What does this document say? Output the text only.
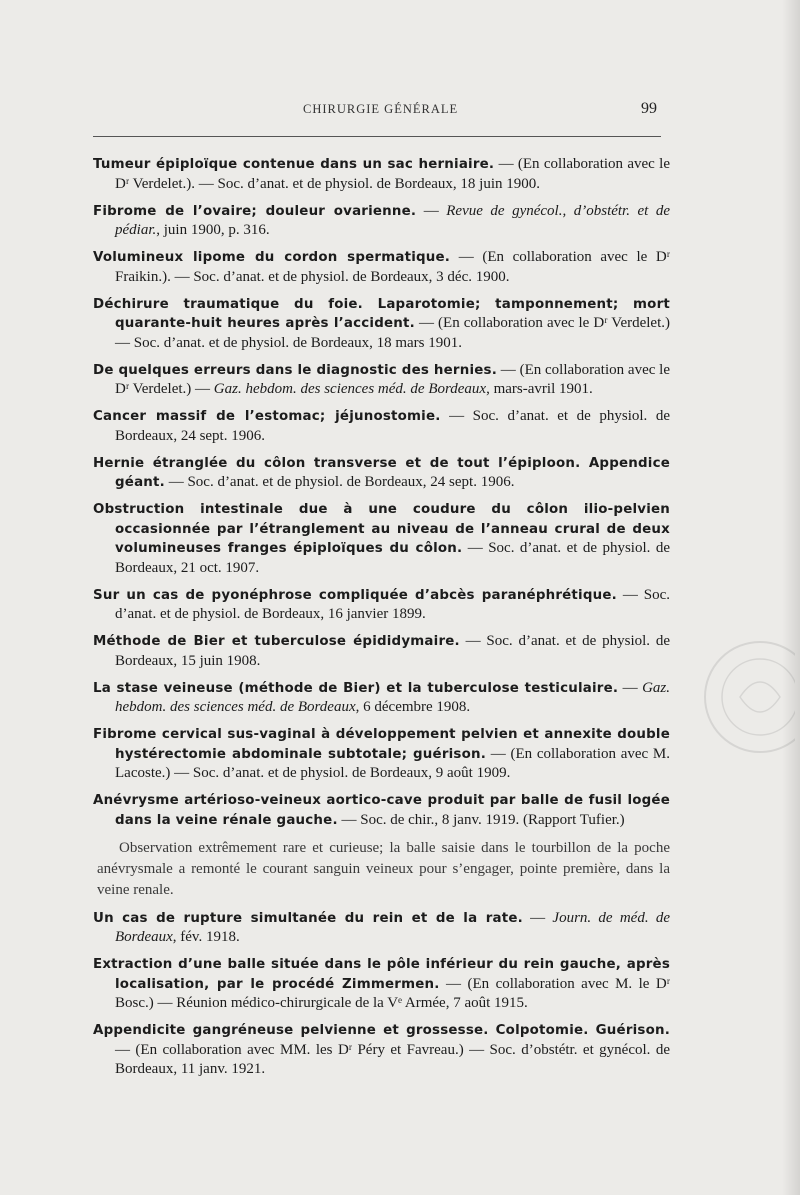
CHIRURGIE GÉNÉRALE	99

Tumeur épiploïque contenue dans un sac herniaire. — (En collaboration avec le Dʳ Verdelet.). — Soc. d’anat. et de physiol. de Bordeaux, 18 juin 1900.

Fibrome de l’ovaire; douleur ovarienne. — Revue de gynécol., d’obstétr. et de pédiar., juin 1900, p. 316.

Volumineux lipome du cordon spermatique. — (En collaboration avec le Dʳ Fraikin.). — Soc. d’anat. et de physiol. de Bordeaux, 3 déc. 1900.

Déchirure traumatique du foie. Laparotomie; tamponnement; mort quarante-huit heures après l’accident. — (En collaboration avec le Dʳ Verdelet.) — Soc. d’anat. et de physiol. de Bordeaux, 18 mars 1901.

De quelques erreurs dans le diagnostic des hernies. — (En collaboration avec le Dʳ Verdelet.) — Gaz. hebdom. des sciences méd. de Bordeaux, mars-avril 1901.

Cancer massif de l’estomac; jéjunostomie. — Soc. d’anat. et de physiol. de Bordeaux, 24 sept. 1906.

Hernie étranglée du côlon transverse et de tout l’épiploon. Appendice géant. — Soc. d’anat. et de physiol. de Bordeaux, 24 sept. 1906.

Obstruction intestinale due à une coudure du côlon ilio-pelvien occasionnée par l’étranglement au niveau de l’anneau crural de deux volumineuses franges épiploïques du côlon. — Soc. d’anat. et de physiol. de Bordeaux, 21 oct. 1907.

Sur un cas de pyonéphrose compliquée d’abcès paranéphrétique. — Soc. d’anat. et de physiol. de Bordeaux, 16 janvier 1899.

Méthode de Bier et tuberculose épididymaire. — Soc. d’anat. et de physiol. de Bordeaux, 15 juin 1908.

La stase veineuse (méthode de Bier) et la tuberculose testiculaire. — Gaz. hebdom. des sciences méd. de Bordeaux, 6 décembre 1908.

Fibrome cervical sus-vaginal à développement pelvien et annexite double hystérectomie abdominale subtotale; guérison. — (En collaboration avec M. Lacoste.) — Soc. d’anat. et de physiol. de Bordeaux, 9 août 1909.

Anévrysme artérioso-veineux aortico-cave produit par balle de fusil logée dans la veine rénale gauche. — Soc. de chir., 8 janv. 1919. (Rapport Tufier.)

Observation extrêmement rare et curieuse; la balle saisie dans le tourbillon de la poche anévrysmale a remonté le courant sanguin veineux pour s’engager, pointe première, dans la veine renale.

Un cas de rupture simultanée du rein et de la rate. — Journ. de méd. de Bordeaux, fév. 1918.

Extraction d’une balle située dans le pôle inférieur du rein gauche, après localisation, par le procédé Zimmermen. — (En collaboration avec M. le Dʳ Bosc.) — Réunion médico-chirurgicale de la Vᵉ Armée, 7 août 1915.

Appendicite gangréneuse pelvienne et grossesse. Colpotomie. Guérison. — (En collaboration avec MM. les Dʳ Péry et Favreau.) — Soc. d’obstétr. et gynécol. de Bordeaux, 11 janv. 1921.
